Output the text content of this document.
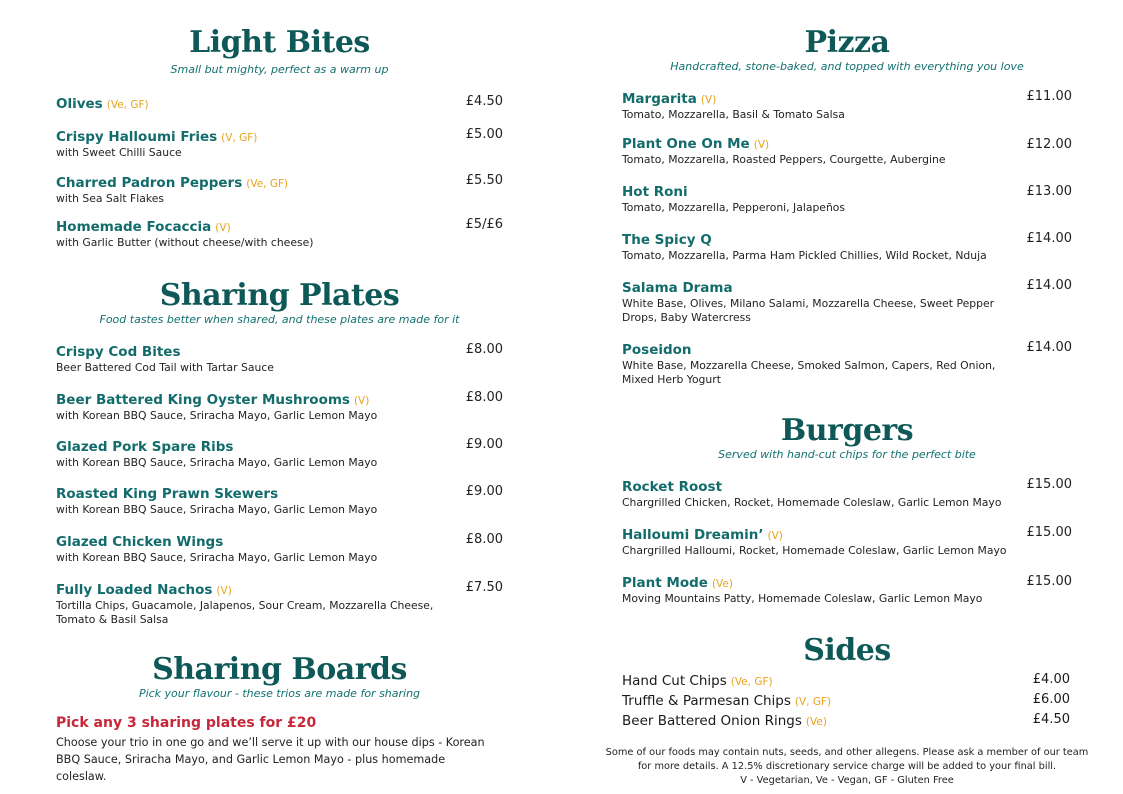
Light Bites

Small but mighty, perfect as a warm up

Olives (Ve, GF)	£4.50
Crispy Halloumi Fries (V, GF)	£5.00
with Sweet Chilli Sauce
Charred Padron Peppers (Ve, GF)	£5.50
with Sea Salt Flakes
Homemade Focaccia (V)	£5/£6
with Garlic Butter (without cheese/with cheese)
Sharing Plates

Food tastes better when shared, and these plates are made for it

Crispy Cod Bites	£8.00
Beer Battered Cod Tail with Tartar Sauce
Beer Battered King Oyster Mushrooms (V)	£8.00
with Korean BBQ Sauce, Sriracha Mayo, Garlic Lemon Mayo
Glazed Pork Spare Ribs	£9.00
with Korean BBQ Sauce, Sriracha Mayo, Garlic Lemon Mayo
Roasted King Prawn Skewers	£9.00
with Korean BBQ Sauce, Sriracha Mayo, Garlic Lemon Mayo
Glazed Chicken Wings	£8.00
with Korean BBQ Sauce, Sriracha Mayo, Garlic Lemon Mayo
Fully Loaded Nachos (V)	£7.50
Tortilla Chips, Guacamole, Jalapenos, Sour Cream, Mozzarella Cheese, Tomato & Basil Salsa
Sharing Boards

Pick your flavour - these trios are made for sharing

Pick any 3 sharing plates for £20
Choose your trio in one go and we’ll serve it up with our house dips - Korean BBQ Sauce, Sriracha Mayo, and Garlic Lemon Mayo - plus homemade coleslaw.
Pizza

Handcrafted, stone-baked, and topped with everything you love

Margarita (V)	£11.00
Tomato, Mozzarella, Basil & Tomato Salsa
Plant One On Me (V)	£12.00
Tomato, Mozzarella, Roasted Peppers, Courgette, Aubergine
Hot Roni	£13.00
Tomato, Mozzarella, Pepperoni, Jalapeños
The Spicy Q	£14.00
Tomato, Mozzarella, Parma Ham Pickled Chillies, Wild Rocket, Nduja
Salama Drama	£14.00
White Base, Olives, Milano Salami, Mozzarella Cheese, Sweet Pepper Drops, Baby Watercress
Poseidon	£14.00
White Base, Mozzarella Cheese, Smoked Salmon, Capers, Red Onion, Mixed Herb Yogurt
Burgers

Served with hand-cut chips for the perfect bite

Rocket Roost	£15.00
Chargrilled Chicken, Rocket, Homemade Coleslaw, Garlic Lemon Mayo
Halloumi Dreamin’ (V)	£15.00
Chargrilled Halloumi, Rocket, Homemade Coleslaw, Garlic Lemon Mayo
Plant Mode (Ve)	£15.00
Moving Mountains Patty, Homemade Coleslaw, Garlic Lemon Mayo
Sides
Hand Cut Chips (Ve, GF)	£4.00
Truffle & Parmesan Chips (V, GF)	£6.00
Beer Battered Onion Rings (Ve)	£4.50
Some of our foods may contain nuts, seeds, and other allegens. Please ask a member of our team for more details. A 12.5% discretionary service charge will be added to your final bill.
V - Vegetarian, Ve - Vegan, GF - Gluten Free
